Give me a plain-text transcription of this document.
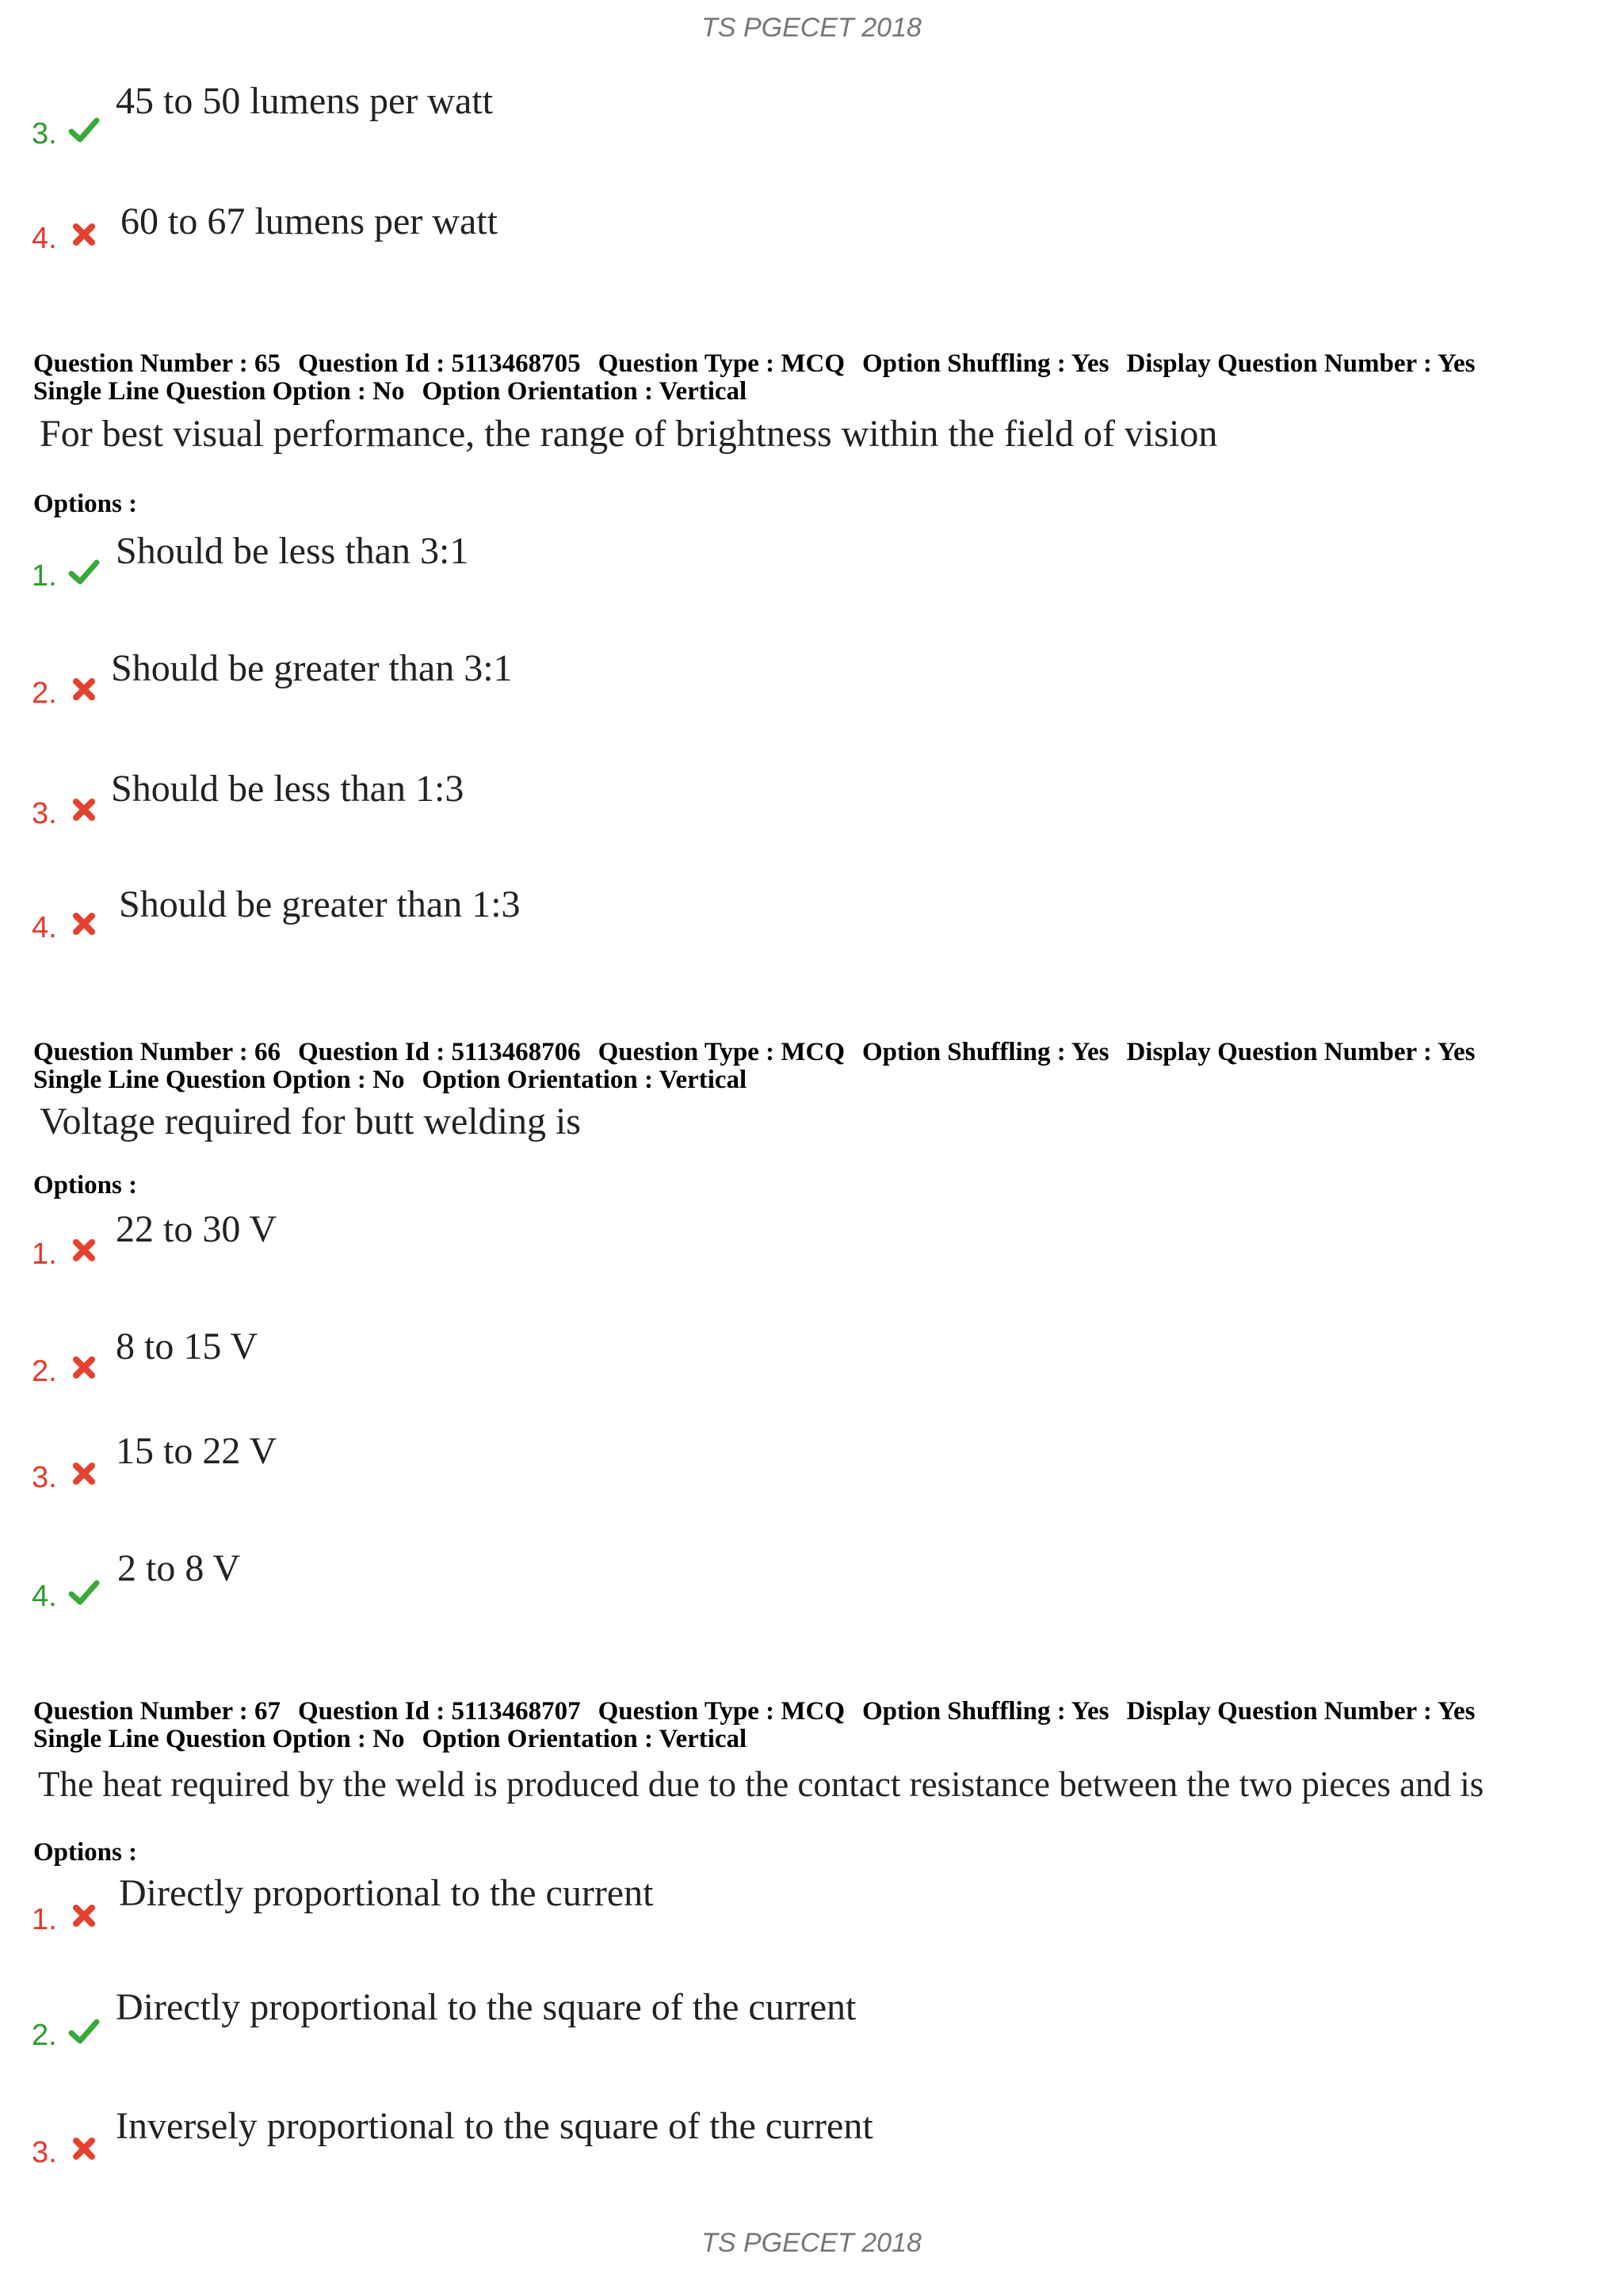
TS PGECET 2018
3.
45 to 50 lumens per watt
4. 60 to 67 lumens per watt
Question Number : 65 Question Id : 5113468705 Question Type : MCQ Option Shuffling : Yes Display Question Number : Yes
Single Line Question Option : No Option Orientation : Vertical
For best visual performance, the range of brightness within the field of vision
Options :
1.
Should be less than 3:1
2.
Should be greater than 3:1
3.
Should be less than 1:3
4.
Should be greater than 1:3
Question Number : 66 Question Id : 5113468706 Question Type : MCQ Option Shuffling : Yes Display Question Number : Yes
Single Line Question Option : No Option Orientation : Vertical
Voltage required for butt welding is
Options :
1.
22 to 30 V
2.
8 to 15 V
3.
15 to 22 V
4.
2 to 8 V
Question Number : 67 Question Id : 5113468707 Question Type : MCQ Option Shuffling : Yes Display Question Number : Yes
Single Line Question Option : No Option Orientation : Vertical
The heat required by the weld is produced due to the contact resistance between the two pieces and is
Options :
1.
Directly proportional to the current
2.
Directly proportional to the square of the current
3.
Inversely proportional to the square of the current
TS PGECET 2018
